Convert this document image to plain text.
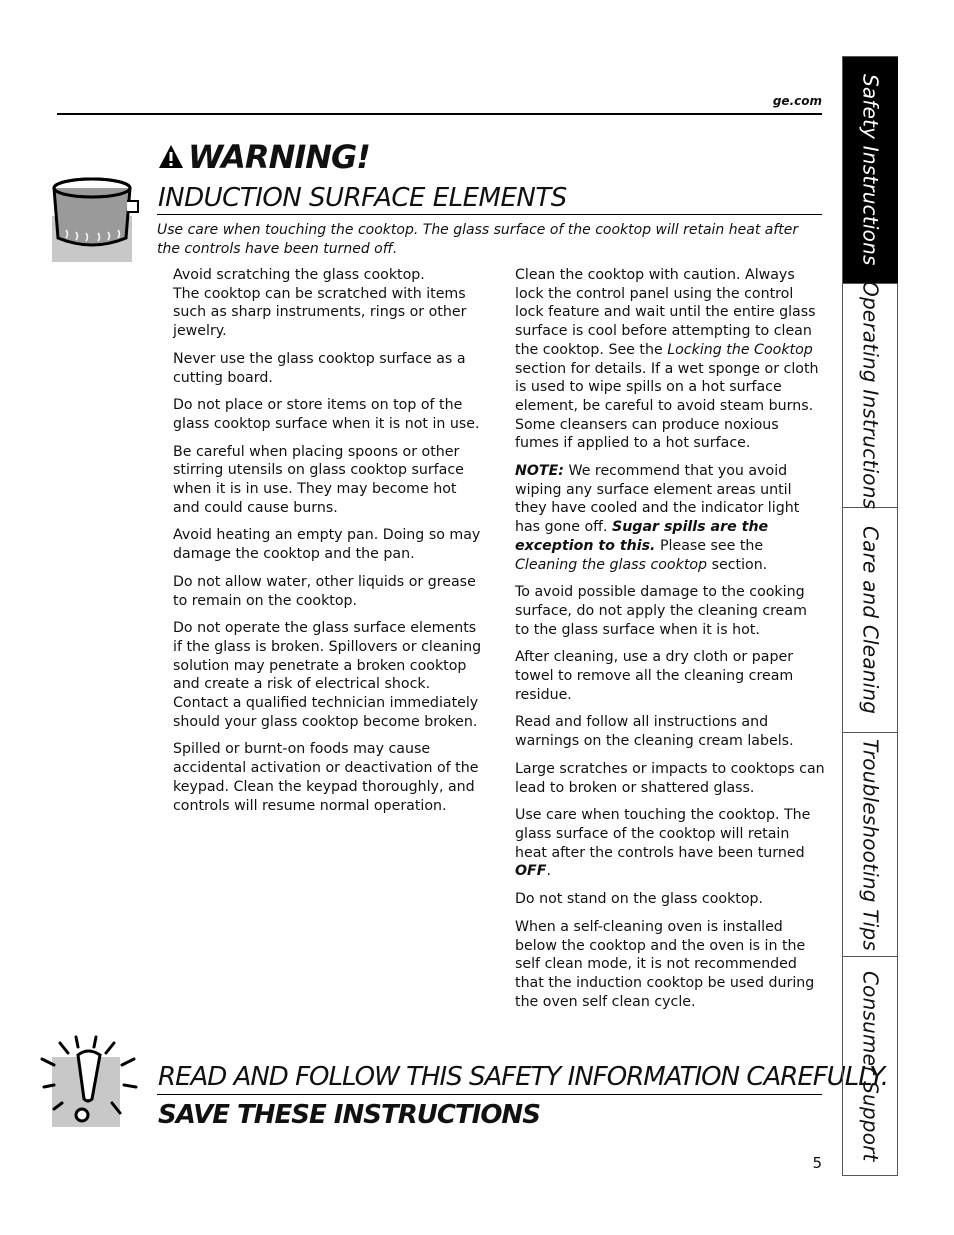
ge.com
WARNING!
INDUCTION SURFACE ELEMENTS
Use care when touching the cooktop. The glass surface of the cooktop will retain heat after the controls have been turned off.

Avoid scratching the glass cooktop.
The cooktop can be scratched with items such as sharp instruments, rings or other jewelry.

Never use the glass cooktop surface as a cutting board.

Do not place or store items on top of the glass cooktop surface when it is not in use.

Be careful when placing spoons or other stirring utensils on glass cooktop surface when it is in use. They may become hot and could cause burns.

Avoid heating an empty pan. Doing so may damage the cooktop and the pan.

Do not allow water, other liquids or grease to remain on the cooktop.

Do not operate the glass surface elements if the glass is broken. Spillovers or cleaning solution may penetrate a broken cooktop and create a risk of electrical shock. Contact a qualified technician immediately should your glass cooktop become broken.

Spilled or burnt-on foods may cause accidental activation or deactivation of the keypad. Clean the keypad thoroughly, and controls will resume normal operation.

Clean the cooktop with caution. Always lock the control panel using the control lock feature and wait until the entire glass surface is cool before attempting to clean the cooktop. See the Locking the Cooktop section for details. If a wet sponge or cloth is used to wipe spills on a hot surface element, be careful to avoid steam burns. Some cleansers can produce noxious fumes if applied to a hot surface.

NOTE: We recommend that you avoid wiping any surface element areas until they have cooled and the indicator light has gone off. Sugar spills are the exception to this. Please see the Cleaning the glass cooktop section.

To avoid possible damage to the cooking surface, do not apply the cleaning cream to the glass surface when it is hot.

After cleaning, use a dry cloth or paper towel to remove all the cleaning cream residue.

Read and follow all instructions and warnings on the cleaning cream labels.

Large scratches or impacts to cooktops can lead to broken or shattered glass.

Use care when touching the cooktop. The glass surface of the cooktop will retain heat after the controls have been turned OFF.

Do not stand on the glass cooktop.

When a self-cleaning oven is installed below the cooktop and the oven is in the self clean mode, it is not recommended that the induction cooktop be used during the oven self clean cycle.

READ AND FOLLOW THIS SAFETY INFORMATION CAREFULLY.
SAVE THESE INSTRUCTIONS
5
Safety Instructions
Operating Instructions
Care and Cleaning
Troubleshooting Tips
Consumer Support
